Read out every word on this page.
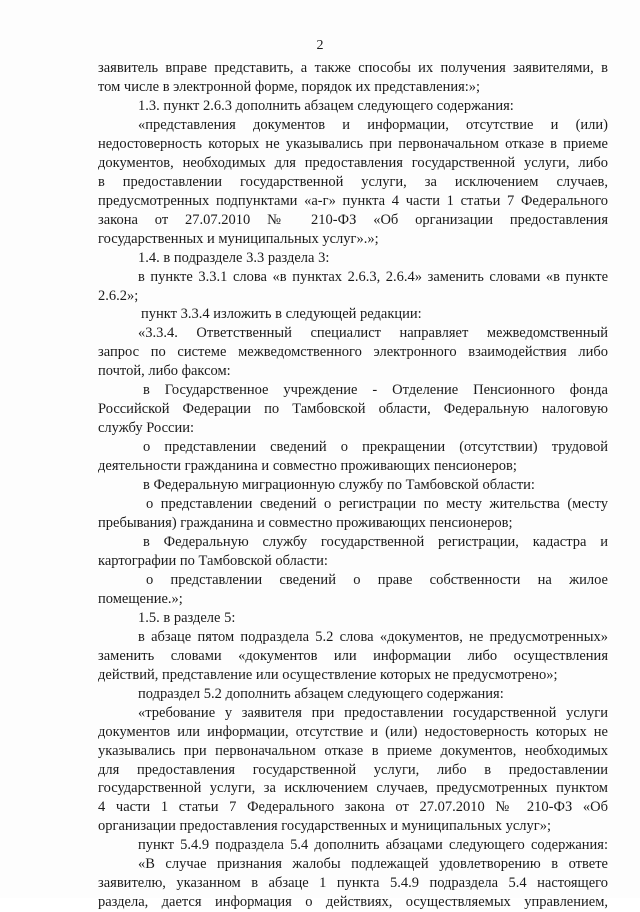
2
заявитель вправе представить, а также способы их получения заявителями, в
том числе в электронной форме, порядок их представления:»;
1.3. пункт 2.6.3 дополнить абзацем следующего содержания:
«представления документов и информации, отсутствие и (или)
недостоверность которых не указывались при первоначальном отказе в приеме
документов, необходимых для предоставления государственной услуги, либо
в предоставлении государственной услуги, за исключением случаев,
предусмотренных подпунктами «а-г» пункта 4 части 1 статьи 7 Федерального
закона от 27.07.2010 № 210-ФЗ «Об организации предоставления
государственных и муниципальных услуг».»;
1.4. в подразделе 3.3 раздела 3:
в пункте 3.3.1 слова «в пунктах 2.6.3, 2.6.4» заменить словами «в пункте
2.6.2»;
пункт 3.3.4 изложить в следующей редакции:
«3.3.4. Ответственный специалист направляет межведомственный
запрос по системе межведомственного электронного взаимодействия либо
почтой, либо факсом:
в Государственное учреждение - Отделение Пенсионного фонда
Российской Федерации по Тамбовской области, Федеральную налоговую
службу России:
о представлении сведений о прекращении (отсутствии) трудовой
деятельности гражданина и совместно проживающих пенсионеров;
в Федеральную миграционную службу по Тамбовской области:
о представлении сведений о регистрации по месту жительства (месту
пребывания) гражданина и совместно проживающих пенсионеров;
в Федеральную службу государственной регистрации, кадастра и
картографии по Тамбовской области:
о представлении сведений о праве собственности на жилое
помещение.»;
1.5. в разделе 5:
в абзаце пятом подраздела 5.2 слова «документов, не предусмотренных»
заменить словами «документов или информации либо осуществления
действий, представление или осуществление которых не предусмотрено»;
подраздел 5.2 дополнить абзацем следующего содержания:
«требование у заявителя при предоставлении государственной услуги
документов или информации, отсутствие и (или) недостоверность которых не
указывались при первоначальном отказе в приеме документов, необходимых
для предоставления государственной услуги, либо в предоставлении
государственной услуги, за исключением случаев, предусмотренных пунктом
4 части 1 статьи 7 Федерального закона от 27.07.2010 № 210-ФЗ «Об
организации предоставления государственных и муниципальных услуг»;
пункт 5.4.9 подраздела 5.4 дополнить абзацами следующего содержания:
«В случае признания жалобы подлежащей удовлетворению в ответе
заявителю, указанном в абзаце 1 пункта 5.4.9 подраздела 5.4 настоящего
раздела, дается информация о действиях, осуществляемых управлением,
